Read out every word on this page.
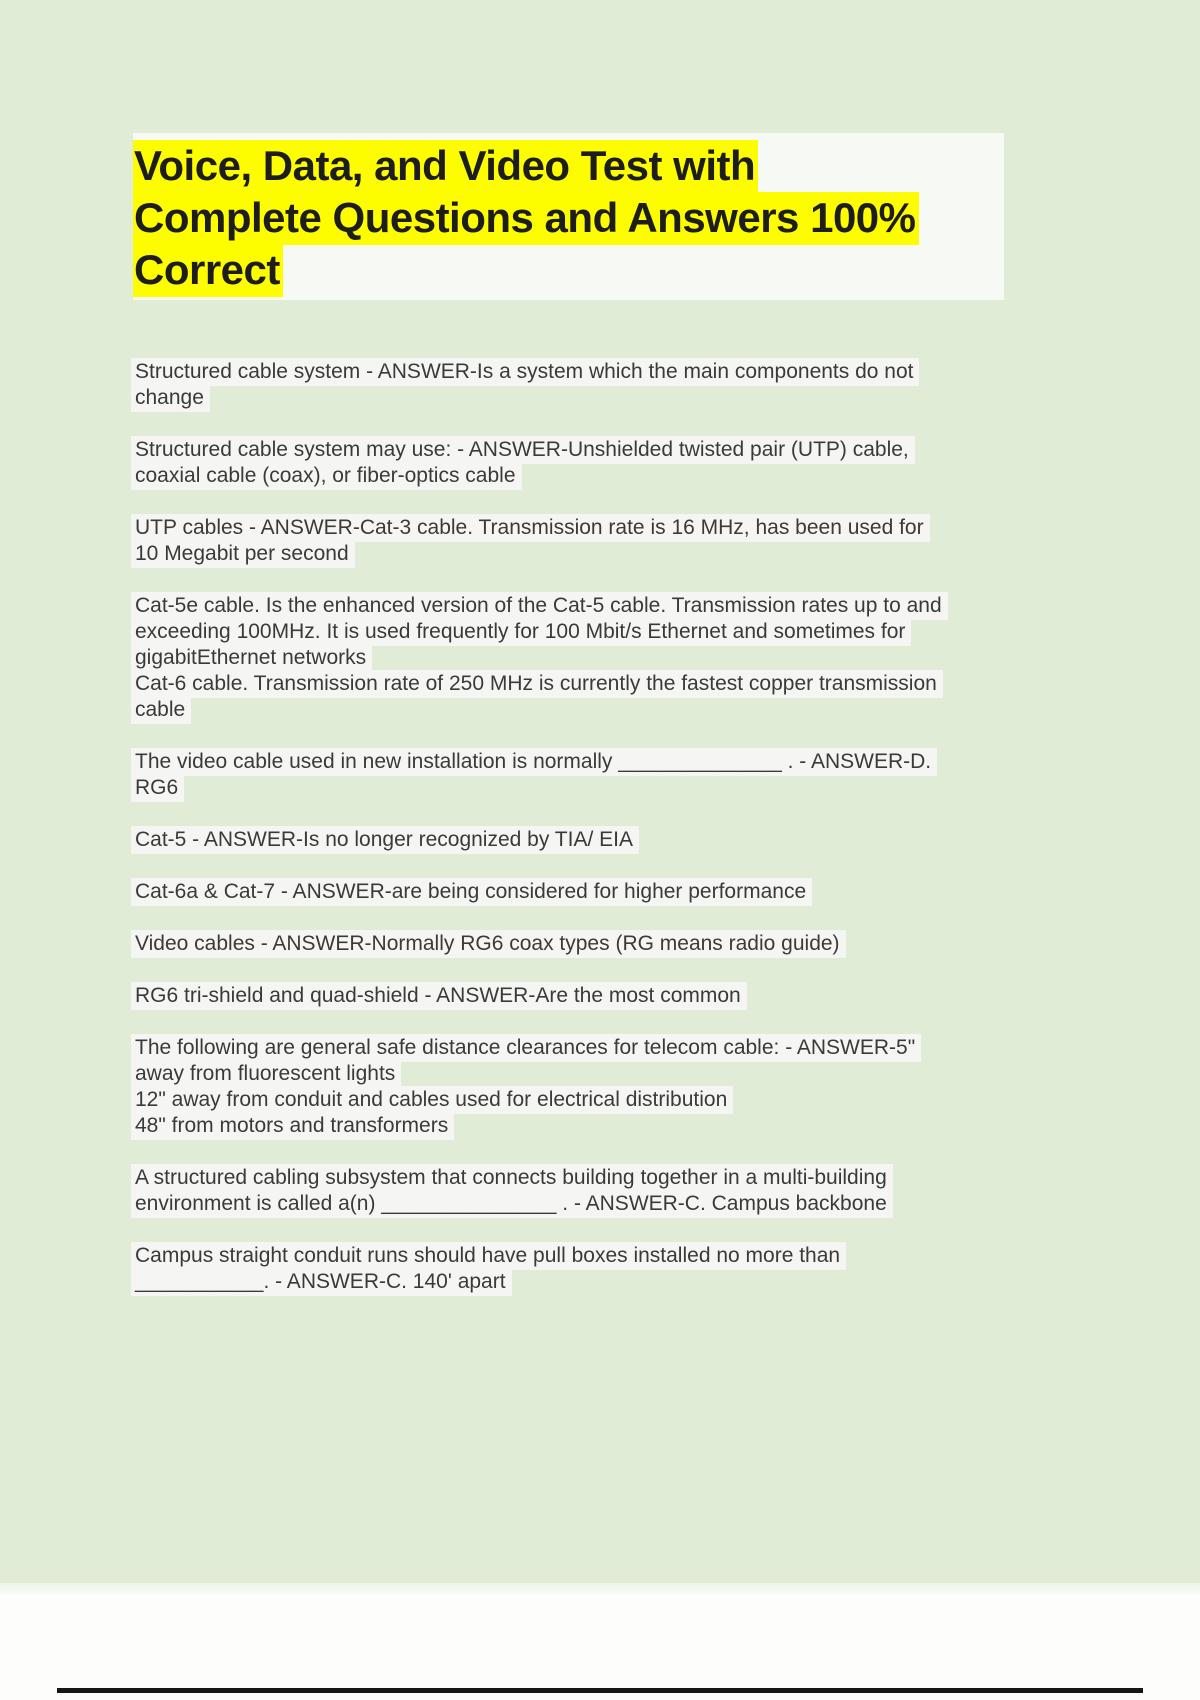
Voice, Data, and Video Test with
Complete Questions and Answers 100%
Correct
Structured cable system - ANSWER-Is a system which the main components do not
change
Structured cable system may use: - ANSWER-Unshielded twisted pair (UTP) cable,
coaxial cable (coax), or fiber-optics cable
UTP cables - ANSWER-Cat-3 cable. Transmission rate is 16 MHz, has been used for
10 Megabit per second
Cat-5e cable. Is the enhanced version of the Cat-5 cable. Transmission rates up to and
exceeding 100MHz. It is used frequently for 100 Mbit/s Ethernet and sometimes for
gigabitEthernet networks
Cat-6 cable. Transmission rate of 250 MHz is currently the fastest copper transmission
cable
The video cable used in new installation is normally ______________ . - ANSWER-D.
RG6
Cat-5 - ANSWER-Is no longer recognized by TIA/ EIA
Cat-6a & Cat-7 - ANSWER-are being considered for higher performance
Video cables - ANSWER-Normally RG6 coax types (RG means radio guide)
RG6 tri-shield and quad-shield - ANSWER-Are the most common
The following are general safe distance clearances for telecom cable: - ANSWER-5"
away from fluorescent lights
12" away from conduit and cables used for electrical distribution
48" from motors and transformers
A structured cabling subsystem that connects building together in a multi-building
environment is called a(n) _______________ . - ANSWER-C. Campus backbone
Campus straight conduit runs should have pull boxes installed no more than
___________. - ANSWER-C. 140' apart
